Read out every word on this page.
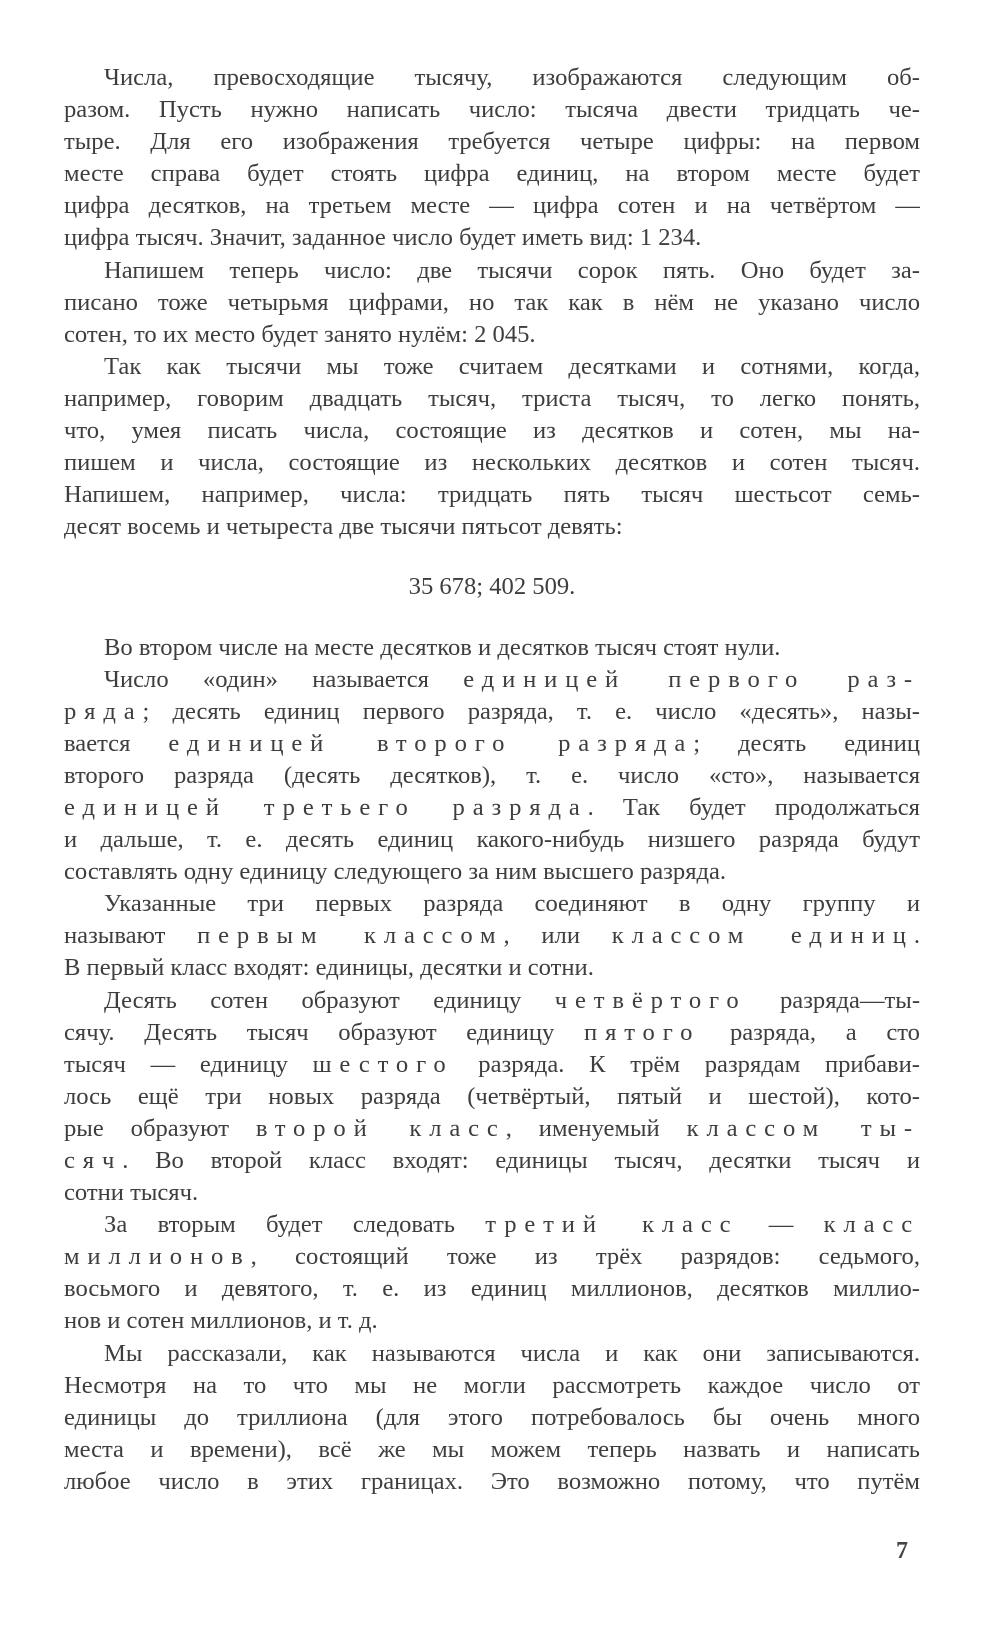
Числа, превосходящие тысячу, изображаются следующим об-
разом. Пусть нужно написать число: тысяча двести тридцать че-
тыре. Для его изображения требуется четыре цифры: на первом
месте справа будет стоять цифра единиц, на втором месте будет
цифра десятков, на третьем месте — цифра сотен и на четвёртом —
цифра тысяч. Значит, заданное число будет иметь вид: 1 234.
Напишем теперь число: две тысячи сорок пять. Оно будет за-
писано тоже четырьмя цифрами, но так как в нём не указано число
сотен, то их место будет занято нулём: 2 045.
Так как тысячи мы тоже считаем десятками и сотнями, когда,
например, говорим двадцать тысяч, триста тысяч, то легко понять,
что, умея писать числа, состоящие из десятков и сотен, мы на-
пишем и числа, состоящие из нескольких десятков и сотен тысяч.
Напишем, например, числа: тридцать пять тысяч шестьсот семь-
десят восемь и четыреста две тысячи пятьсот девять:
35 678; 402 509.
Во втором числе на месте десятков и десятков тысяч стоят нули.
Число «один» называется единицей первого раз-
ряда; десять единиц первого разряда, т. е. число «десять», назы-
вается единицей второго разряда; десять единиц
второго разряда (десять десятков), т. е. число «сто», называется
единицей третьего разряда. Так будет продолжаться
и дальше, т. е. десять единиц какого-нибудь низшего разряда будут
составлять одну единицу следующего за ним высшего разряда.
Указанные три первых разряда соединяют в одну группу и
называют первым классом, или классом единиц.
В первый класс входят: единицы, десятки и сотни.
Десять сотен образуют единицу четвёртого разряда—ты-
сячу. Десять тысяч образуют единицу пятого разряда, а сто
тысяч — единицу шестого разряда. К трём разрядам прибави-
лось ещё три новых разряда (четвёртый, пятый и шестой), кото-
рые образуют второй класс, именуемый классом ты-
сяч. Во второй класс входят: единицы тысяч, десятки тысяч и
сотни тысяч.
За вторым будет следовать третий класс — класс
миллионов, состоящий тоже из трёх разрядов: седьмого,
восьмого и девятого, т. е. из единиц миллионов, десятков миллио-
нов и сотен миллионов, и т. д.
Мы рассказали, как называются числа и как они записываются.
Несмотря на то что мы не могли рассмотреть каждое число от
единицы до триллиона (для этого потребовалось бы очень много
места и времени), всё же мы можем теперь назвать и написать
любое число в этих границах. Это возможно потому, что путём
7
